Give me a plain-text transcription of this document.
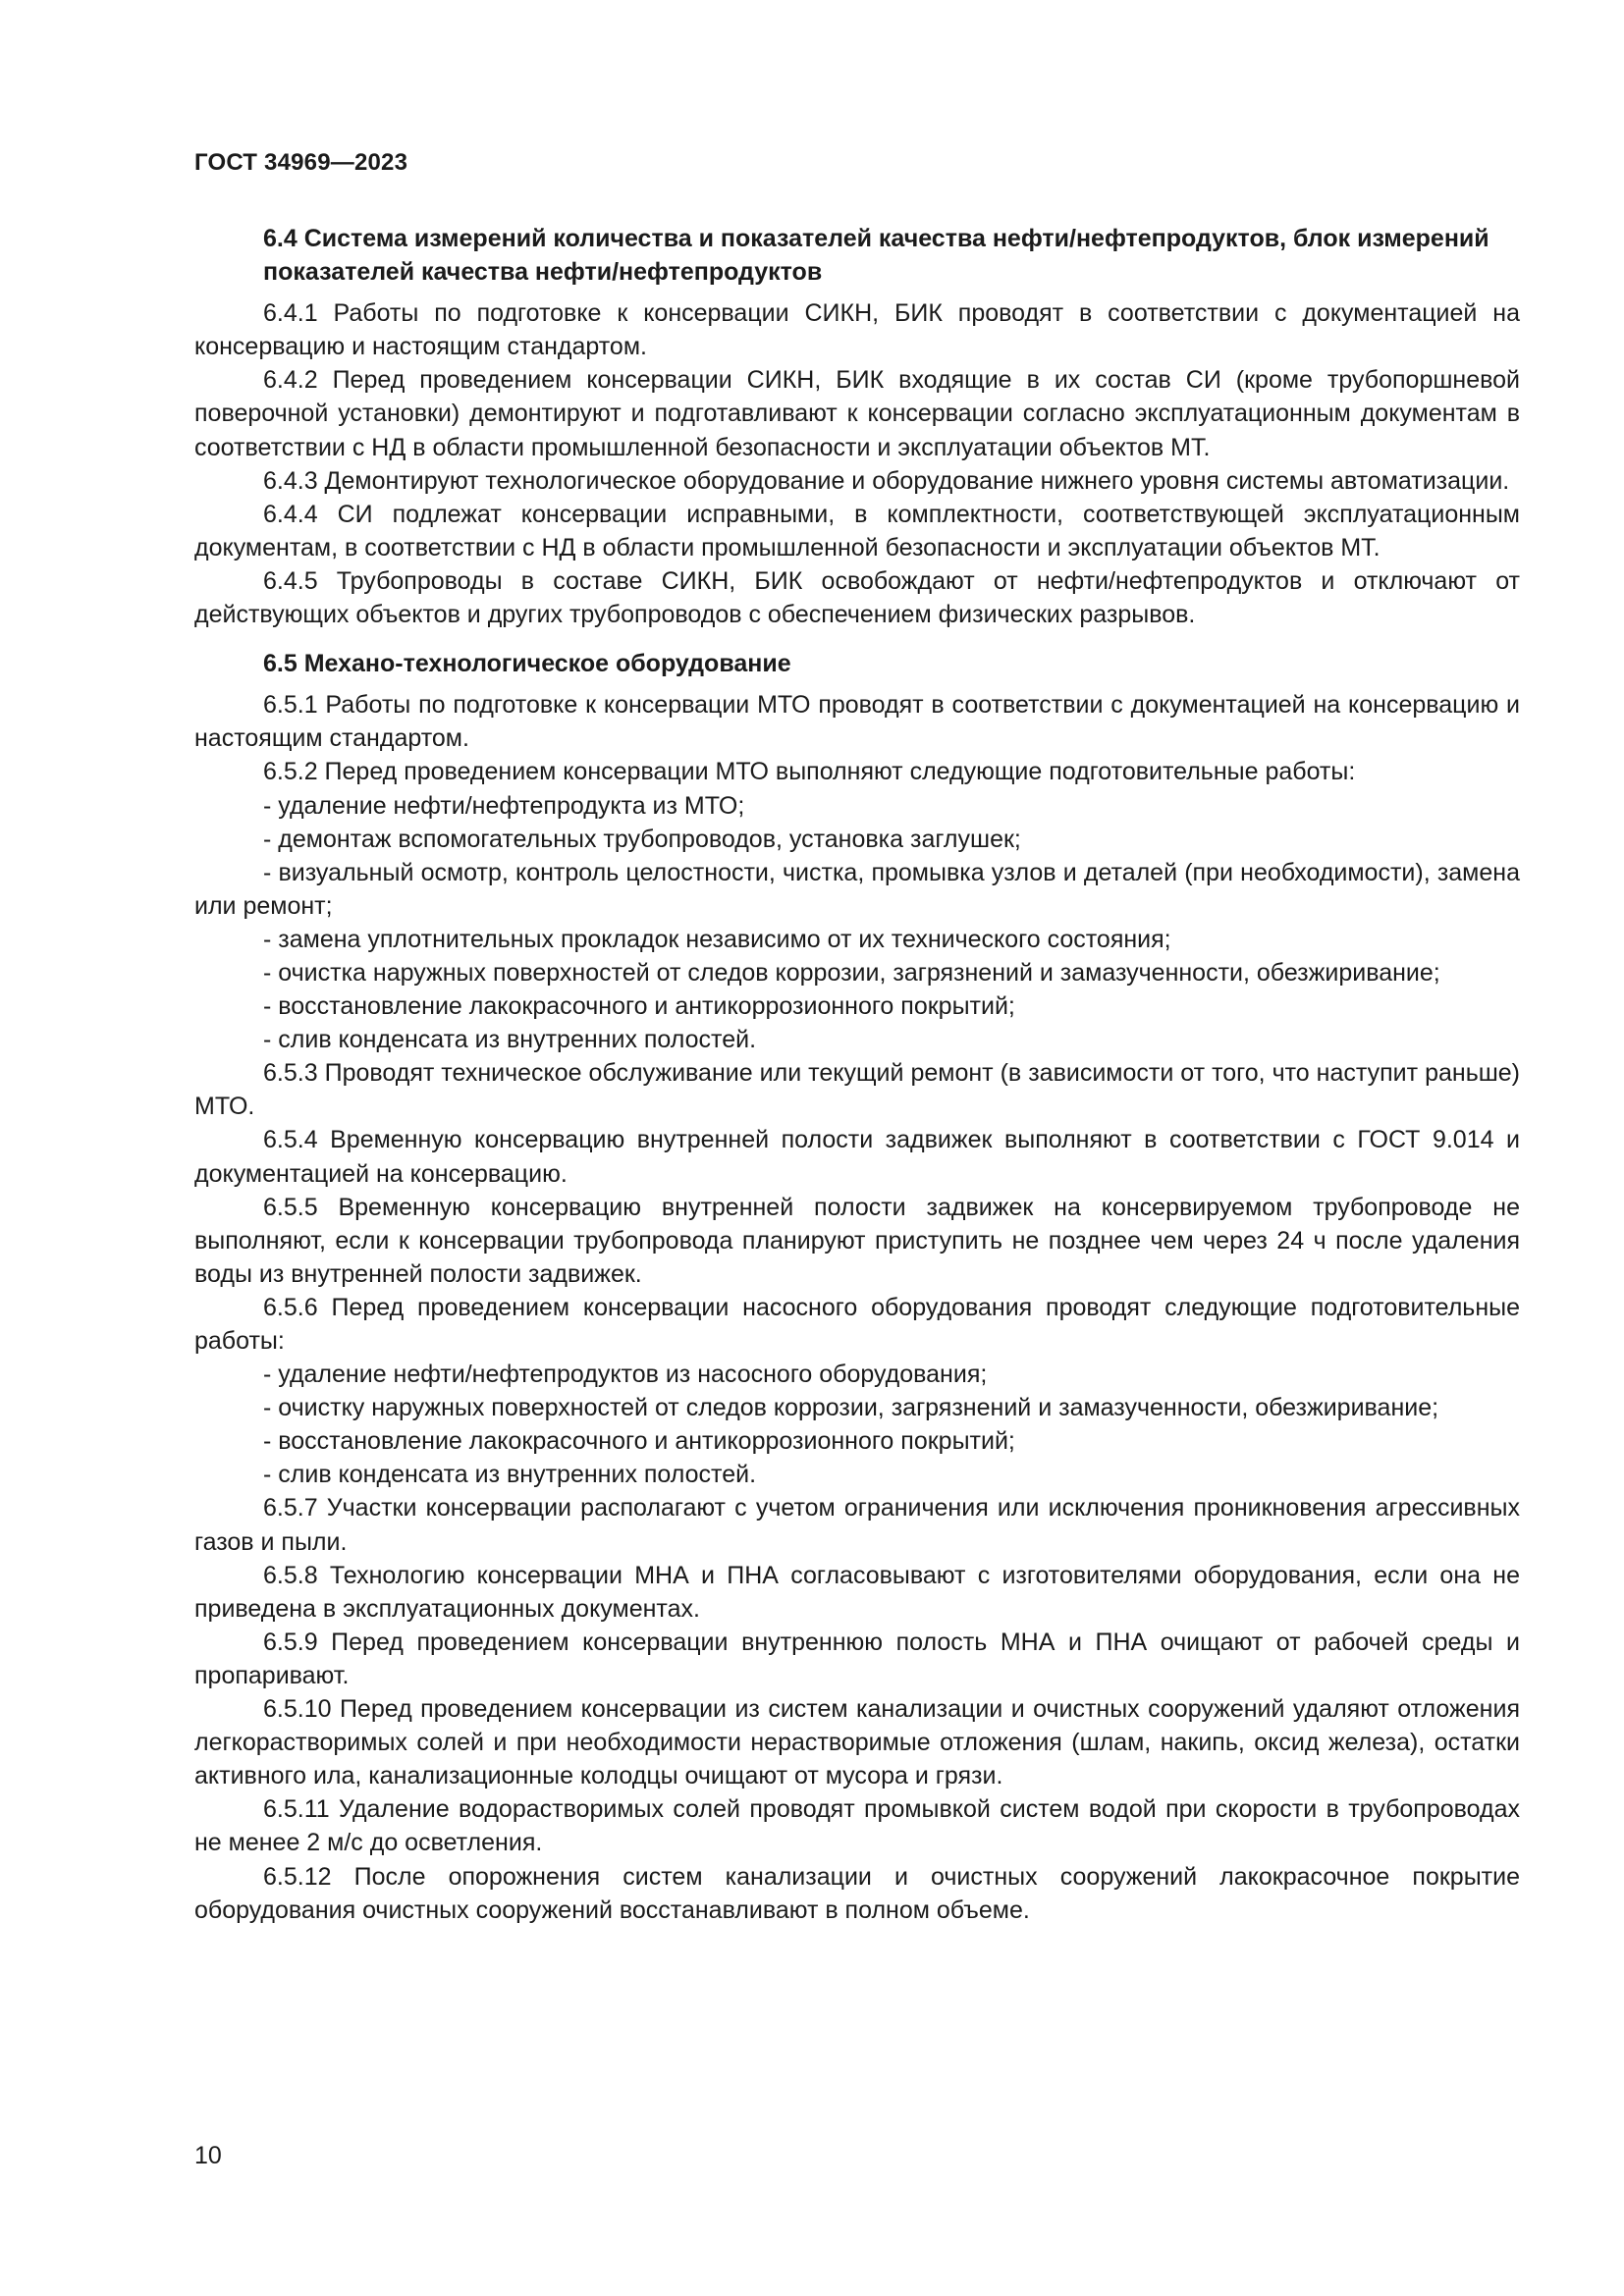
ГОСТ 34969—2023

6.4 Система измерений количества и показателей качества нефти/нефтепродуктов, блок измерений показателей качества нефти/нефтепродуктов

6.4.1 Работы по подготовке к консервации СИКН, БИК проводят в соответствии с документацией на консервацию и настоящим стандартом.

6.4.2 Перед проведением консервации СИКН, БИК входящие в их состав СИ (кроме трубопоршневой поверочной установки) демонтируют и подготавливают к консервации согласно эксплуатационным документам в соответствии с НД в области промышленной безопасности и эксплуатации объектов МТ.

6.4.3 Демонтируют технологическое оборудование и оборудование нижнего уровня системы автоматизации.

6.4.4 СИ подлежат консервации исправными, в комплектности, соответствующей эксплуатационным документам, в соответствии с НД в области промышленной безопасности и эксплуатации объектов МТ.

6.4.5 Трубопроводы в составе СИКН, БИК освобождают от нефти/нефтепродуктов и отключают от действующих объектов и других трубопроводов с обеспечением физических разрывов.

6.5 Механо-технологическое оборудование

6.5.1 Работы по подготовке к консервации МТО проводят в соответствии с документацией на консервацию и настоящим стандартом.

6.5.2 Перед проведением консервации МТО выполняют следующие подготовительные работы:

- удаление нефти/нефтепродукта из МТО;

- демонтаж вспомогательных трубопроводов, установка заглушек;

- визуальный осмотр, контроль целостности, чистка, промывка узлов и деталей (при необходимости), замена или ремонт;

- замена уплотнительных прокладок независимо от их технического состояния;

- очистка наружных поверхностей от следов коррозии, загрязнений и замазученности, обезжиривание;

- восстановление лакокрасочного и антикоррозионного покрытий;

- слив конденсата из внутренних полостей.

6.5.3 Проводят техническое обслуживание или текущий ремонт (в зависимости от того, что наступит раньше) МТО.

6.5.4 Временную консервацию внутренней полости задвижек выполняют в соответствии с ГОСТ 9.014 и документацией на консервацию.

6.5.5 Временную консервацию внутренней полости задвижек на консервируемом трубопроводе не выполняют, если к консервации трубопровода планируют приступить не позднее чем через 24 ч после удаления воды из внутренней полости задвижек.

6.5.6 Перед проведением консервации насосного оборудования проводят следующие подготовительные работы:

- удаление нефти/нефтепродуктов из насосного оборудования;

- очистку наружных поверхностей от следов коррозии, загрязнений и замазученности, обезжиривание;

- восстановление лакокрасочного и антикоррозионного покрытий;

- слив конденсата из внутренних полостей.

6.5.7 Участки консервации располагают с учетом ограничения или исключения проникновения агрессивных газов и пыли.

6.5.8 Технологию консервации МНА и ПНА согласовывают с изготовителями оборудования, если она не приведена в эксплуатационных документах.

6.5.9 Перед проведением консервации внутреннюю полость МНА и ПНА очищают от рабочей среды и пропаривают.

6.5.10 Перед проведением консервации из систем канализации и очистных сооружений удаляют отложения легкорастворимых солей и при необходимости нерастворимые отложения (шлам, накипь, оксид железа), остатки активного ила, канализационные колодцы очищают от мусора и грязи.

6.5.11 Удаление водорастворимых солей проводят промывкой систем водой при скорости в трубопроводах не менее 2 м/с до осветления.

6.5.12 После опорожнения систем канализации и очистных сооружений лакокрасочное покрытие оборудования очистных сооружений восстанавливают в полном объеме.

10
